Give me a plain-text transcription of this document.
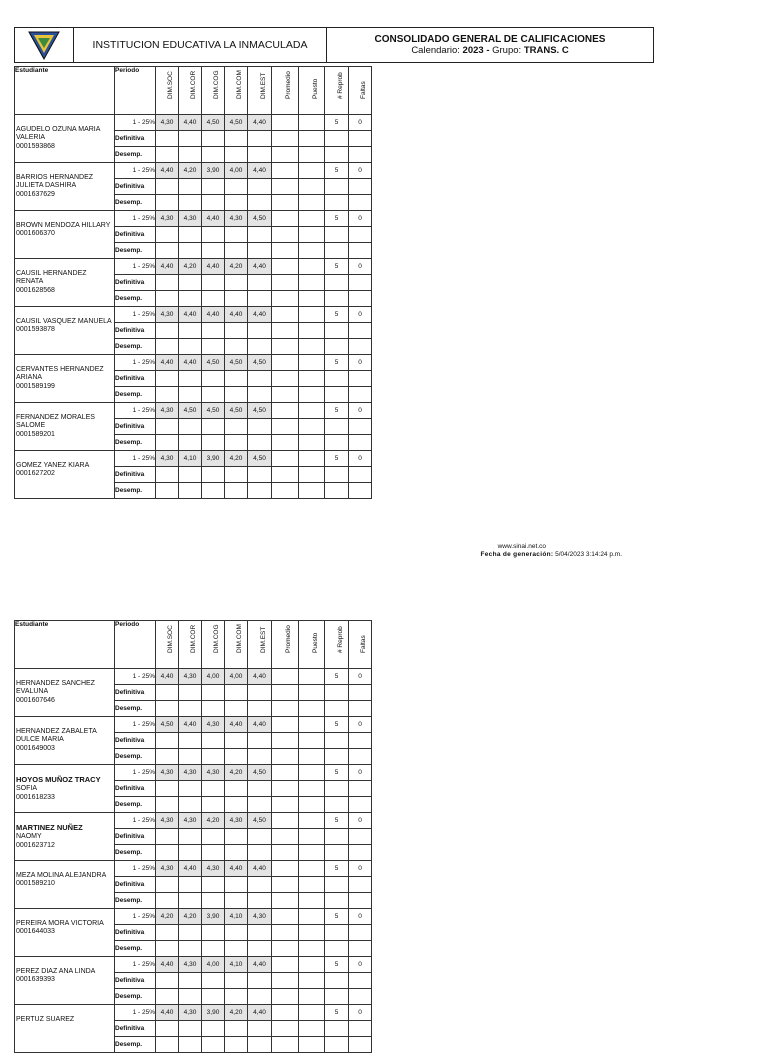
INSTITUCION EDUCATIVA LA INMACULADA	CONSOLIDADO GENERAL DE CALIFICACIONES
Calendario: 2023 - Grupo: TRANS. C
Estudiante	Periodo	DIM.SOC	DIM.COR	DIM.COG	DIM.COM	DIM.EST	Promedio	Puesto	# Reprob	Faltas

AGUDELO OZUNA MARIA VALERIA
0001593868	1 - 25%	4,30	4,40	4,50	4,50	4,40			5	0
	Definitiva									
	Desemp.									

BARRIOS HERNANDEZ JULIETA DASHIRA
0001637629	1 - 25%	4,40	4,20	3,90	4,00	4,40			5	0
	Definitiva									
	Desemp.									

BROWN MENDOZA HILLARY
0001606370	1 - 25%	4,30	4,30	4,40	4,30	4,50			5	0
	Definitiva									
	Desemp.									

CAUSIL HERNANDEZ RENATA
0001628568	1 - 25%	4,40	4,20	4,40	4,20	4,40			5	0
	Definitiva									
	Desemp.									

CAUSIL VASQUEZ MANUELA
0001593878	1 - 25%	4,30	4,40	4,40	4,40	4,40			5	0
	Definitiva									
	Desemp.									

CERVANTES HERNANDEZ ARIANA
0001589199	1 - 25%	4,40	4,40	4,50	4,50	4,50			5	0
	Definitiva									
	Desemp.									

FERNANDEZ MORALES SALOME
0001589201	1 - 25%	4,30	4,50	4,50	4,50	4,50			5	0
	Definitiva									
	Desemp.									

GOMEZ YANEZ KIARA
0001627202	1 - 25%	4,30	4,10	3,90	4,20	4,50			5	0
	Definitiva									
	Desemp.									
www.sinai.net.co
Fecha de generación: 5/04/2023 3:14:24 p.m.
Estudiante	Periodo	DIM.SOC	DIM.COR	DIM.COG	DIM.COM	DIM.EST	Promedio	Puesto	# Reprob	Faltas

HERNANDEZ SANCHEZ EVALUNA
0001607646	1 - 25%	4,40	4,30	4,00	4,00	4,40			5	0
	Definitiva									
	Desemp.									

HERNANDEZ ZABALETA DULCE MARIA
0001649003	1 - 25%	4,50	4,40	4,30	4,40	4,40			5	0
	Definitiva									
	Desemp.									

HOYOS MUÑOZ TRACY
SOFIA
0001618233	1 - 25%	4,30	4,30	4,30	4,20	4,50			5	0
	Definitiva									
	Desemp.									

MARTINEZ NUÑEZ
NAOMY
0001623712	1 - 25%	4,30	4,30	4,20	4,30	4,50			5	0
	Definitiva									
	Desemp.									

MEZA MOLINA ALEJANDRA
0001589210	1 - 25%	4,30	4,40	4,30	4,40	4,40			5	0
	Definitiva									
	Desemp.									

PEREIRA MORA VICTORIA
0001644033	1 - 25%	4,20	4,20	3,90	4,10	4,30			5	0
	Definitiva									
	Desemp.									

PEREZ DIAZ ANA LINDA
0001639393	1 - 25%	4,40	4,30	4,00	4,10	4,40			5	0
	Definitiva									
	Desemp.									

PERTUZ SUAREZ	1 - 25%	4,40	4,30	3,90	4,20	4,40			5	0
	Definitiva									
	Desemp.									
